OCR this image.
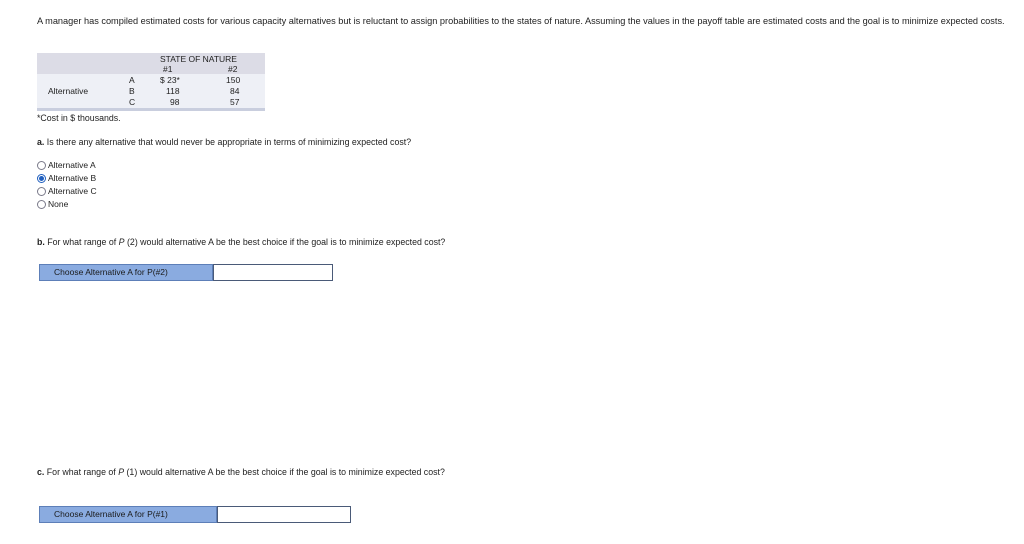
A manager has compiled estimated costs for various capacity alternatives but is reluctant to assign probabilities to the states of nature. Assuming the values in the payoff table are estimated costs and the goal is to minimize expected costs.
STATE OF NATURE
#1	#2
Alternative
A	$ 23*	150
B	118	84
C	98	57
*Cost in $ thousands.
a. Is there any alternative that would never be appropriate in terms of minimizing expected cost?
Alternative A
Alternative B
Alternative C
None
b. For what range of P (2) would alternative A be the best choice if the goal is to minimize expected cost?
Choose Alternative A for P(#2)
c. For what range of P (1) would alternative A be the best choice if the goal is to minimize expected cost?
Choose Alternative A for P(#1)
